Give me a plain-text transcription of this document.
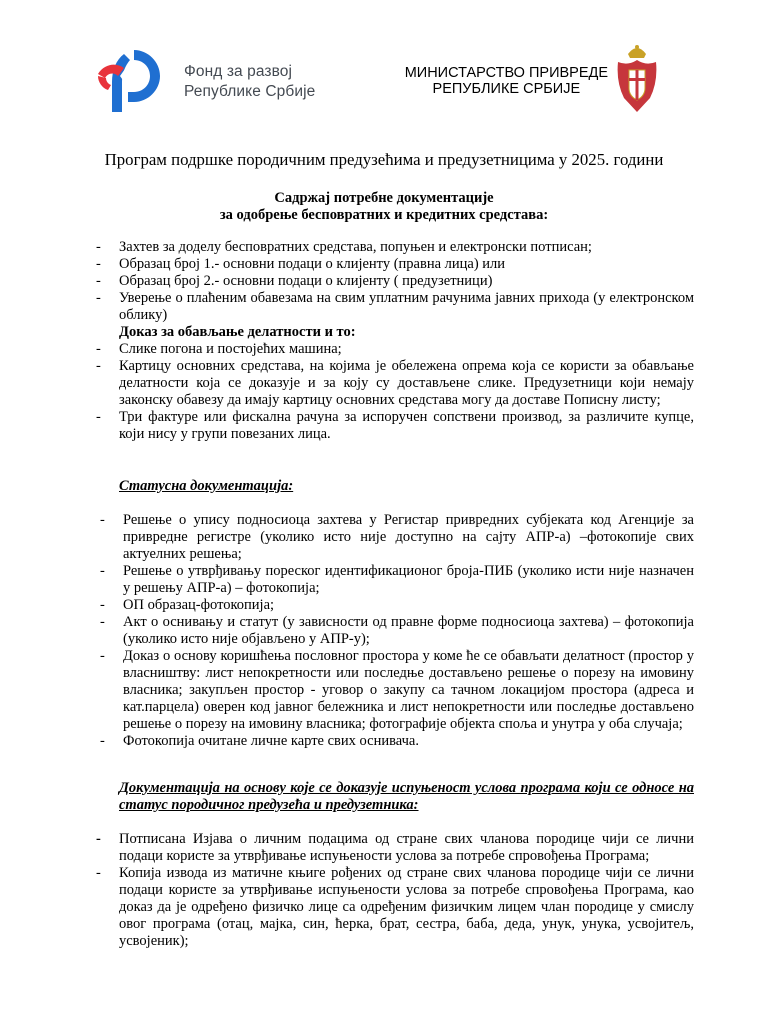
Фонд за развој
Републике Србије
МИНИСТАРСТВО ПРИВРЕДЕ
РЕПУБЛИКЕ СРБИЈЕ
Програм подршке породичним предузећима и предузетницима у 2025. години
Садржај потребне документације
за одобрење бесповратних и кредитних средстава:
- Захтев за доделу бесповратних средстава, попуњен и електронски потписан;
- Образац број 1.- основни подаци о клијенту (правна лица) или
- Образац број 2.- основни подаци о клијенту ( предузетници)
- Уверење о плаћеним обавезама на свим уплатним рачунима јавних прихода (у електронском облику)
Доказ за обављање делатности и то:
- Слике погона и постојећих машина;
- Картицу основних средстава, на којима је обележена опрема која се користи за обављање делатности која се доказује и за коју су достављене слике. Предузетници који немају законску обавезу да имају картицу основних средстава могу да доставе Пописну листу;
- Три фактуре или фискална рачуна за испоручен сопствени производ, за различите купце, који нису у групи повезаних лица.
Статусна документација:
- Решење о упису подносиоца захтева у Регистар привредних субјеката код Агенције за привредне регистре (уколико исто није доступно на сајту АПР-а) –фотокопије свих актуелних решења;
- Решење о утврђивању пореског идентификационог броја-ПИБ (уколико исти није назначен у решењу АПР-а) – фотокопија;
- ОП образац-фотокопија;
- Акт о оснивању и статут (у зависности од правне форме подносиоца захтева) – фотокопија (уколико исто није објављено у АПР-у);
- Доказ о основу коришћења пословног простора у коме ће се обављати делатност (простор у власништву: лист непокретности или последње достављено решење о порезу на имовину власника; закупљен простор - уговор о закупу са тачном локацијом простора (адреса и кат.парцела) оверен код јавног бележника и лист непокретности или последње достављено решење о порезу на имовину власника; фотографије објекта споља и унутра у оба случаја;
- Фотокопија очитане личне карте свих оснивача.
Документација на основу које се доказује испуњеност услова програма који се односе на статус породичног предузећа и предузетника:
- Потписана Изјава о личним подацима од стране свих чланова породице чији се лични подаци користе за утврђивање испуњености услова за потребе спровођења Програма;
- Копија извода из матичне књиге рођених од стране свих чланова породице чији се лични подаци користе за утврђивање испуњености услова за потребе спровођења Програма, као доказ да је одређено физичко лице са одређеним физичким лицем члан породице у смислу овог програма (отац, мајка, син, ћерка, брат, сестра, баба, деда, унук, унука, усвојитељ, усвојеник);
